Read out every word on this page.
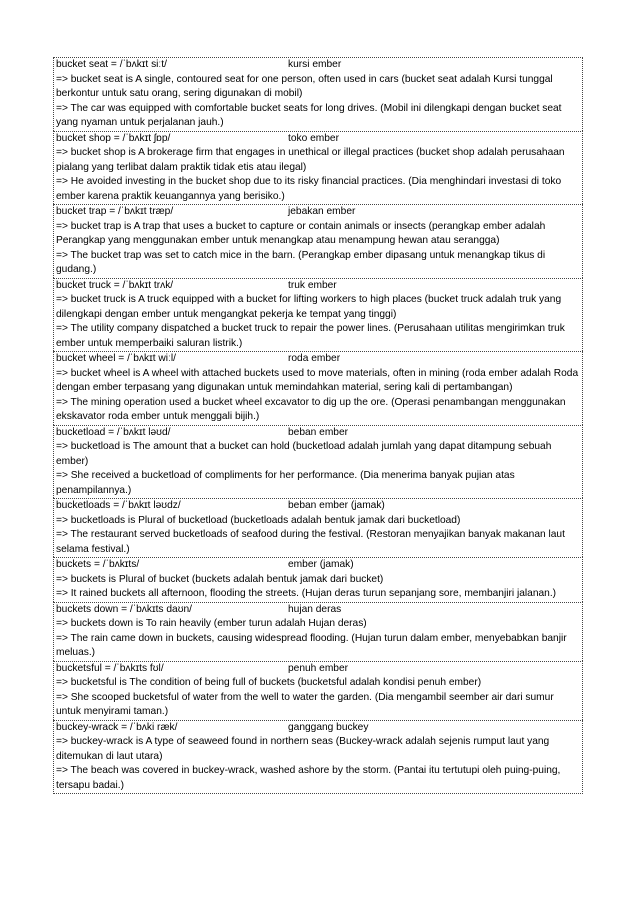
bucket seat = /ˈbʌkɪt siːt/	kursi ember

=> bucket seat is A single, contoured seat for one person, often used in cars (bucket seat adalah Kursi tunggal berkontur untuk satu orang, sering digunakan di mobil)

=> The car was equipped with comfortable bucket seats for long drives. (Mobil ini dilengkapi dengan bucket seat yang nyaman untuk perjalanan jauh.)

bucket shop = /ˈbʌkɪt ʃɒp/	toko ember

=> bucket shop is A brokerage firm that engages in unethical or illegal practices (bucket shop adalah perusahaan pialang yang terlibat dalam praktik tidak etis atau ilegal)

=> He avoided investing in the bucket shop due to its risky financial practices. (Dia menghindari investasi di toko ember karena praktik keuangannya yang berisiko.)

bucket trap = /ˈbʌkɪt træp/	jebakan ember

=> bucket trap is A trap that uses a bucket to capture or contain animals or insects (perangkap ember adalah Perangkap yang menggunakan ember untuk menangkap atau menampung hewan atau serangga)

=> The bucket trap was set to catch mice in the barn. (Perangkap ember dipasang untuk menangkap tikus di gudang.)

bucket truck = /ˈbʌkɪt trʌk/	truk ember

=> bucket truck is A truck equipped with a bucket for lifting workers to high places (bucket truck adalah truk yang dilengkapi dengan ember untuk mengangkat pekerja ke tempat yang tinggi)

=> The utility company dispatched a bucket truck to repair the power lines. (Perusahaan utilitas mengirimkan truk ember untuk memperbaiki saluran listrik.)

bucket wheel = /ˈbʌkɪt wiːl/	roda ember

=> bucket wheel is A wheel with attached buckets used to move materials, often in mining (roda ember adalah Roda dengan ember terpasang yang digunakan untuk memindahkan material, sering kali di pertambangan)

=> The mining operation used a bucket wheel excavator to dig up the ore. (Operasi penambangan menggunakan ekskavator roda ember untuk menggali bijih.)

bucketload = /ˈbʌkɪt ləʊd/	beban ember

=> bucketload is The amount that a bucket can hold (bucketload adalah jumlah yang dapat ditampung sebuah ember)

=> She received a bucketload of compliments for her performance. (Dia menerima banyak pujian atas penampilannya.)

bucketloads = /ˈbʌkɪt ləʊdz/	beban ember (jamak)

=> bucketloads is Plural of bucketload (bucketloads adalah bentuk jamak dari bucketload)

=> The restaurant served bucketloads of seafood during the festival. (Restoran menyajikan banyak makanan laut selama festival.)

buckets = /ˈbʌkɪts/	ember (jamak)

=> buckets is Plural of bucket (buckets adalah bentuk jamak dari bucket)

=> It rained buckets all afternoon, flooding the streets. (Hujan deras turun sepanjang sore, membanjiri jalanan.)

buckets down = /ˈbʌkɪts daʊn/	hujan deras

=> buckets down is To rain heavily (ember turun adalah Hujan deras)

=> The rain came down in buckets, causing widespread flooding. (Hujan turun dalam ember, menyebabkan banjir meluas.)

bucketsful = /ˈbʌkɪts fʊl/	penuh ember

=> bucketsful is The condition of being full of buckets (bucketsful adalah kondisi penuh ember)

=> She scooped bucketsful of water from the well to water the garden. (Dia mengambil seember air dari sumur untuk menyirami taman.)

buckey-wrack = /ˈbʌki ræk/	ganggang buckey

=> buckey-wrack is A type of seaweed found in northern seas (Buckey-wrack adalah sejenis rumput laut yang ditemukan di laut utara)

=> The beach was covered in buckey-wrack, washed ashore by the storm. (Pantai itu tertutupi oleh puing-puing, tersapu badai.)
